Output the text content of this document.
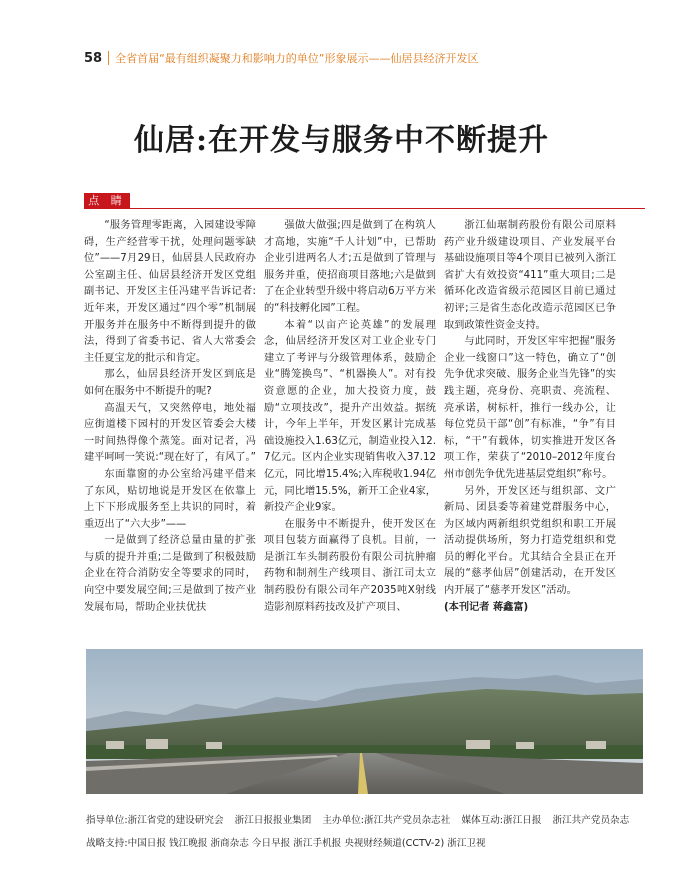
58 全省首届“最有组织凝聚力和影响力的单位”形象展示——仙居县经济开发区
仙居:在开发与服务中不断提升
点 睛

“服务管理零距离，入园建设零障碍，生产经营零干扰，处理问题零缺位”——7月29日，仙居县人民政府办公室副主任、仙居县经济开发区党组副书记、开发区主任冯建平告诉记者:近年来，开发区通过“四个零”机制展开服务并在服务中不断得到提升的做法，得到了省委书记、省人大常委会主任夏宝龙的批示和肯定。

那么，仙居县经济开发区到底是如何在服务中不断提升的呢?

高温天气，又突然停电，地处福应街道楼下园村的开发区管委会大楼一时间热得像个蒸笼。面对记者，冯建平呵呵一笑说:“现在好了，有风了。”

东面靠窗的办公室给冯建平借来了东风，贴切地说是开发区在依靠上上下下形成服务至上共识的同时，着重迈出了“六大步”——

一是做到了经济总量由量的扩张与质的提升并重;二是做到了积极鼓励企业在符合消防安全等要求的同时，向空中要发展空间;三是做到了按产业发展布局，帮助企业扶优扶

强做大做强;四是做到了在构筑人才高地，实施“千人计划”中，已帮助企业引进两名人才;五是做到了管理与服务并重，使招商项目落地;六是做到了在企业转型升级中将启动6万平方米的“科技孵化园”工程。

本着“以亩产论英雄”的发展理念，仙居经济开发区对工业企业专门建立了考评与分级管理体系，鼓励企业“腾笼换鸟”、“机器换人”。对有投资意愿的企业，加大投资力度，鼓励“立项技改”，提升产出效益。据统计，今年上半年，开发区累计完成基础设施投入1.63亿元，制造业投入12.7亿元。区内企业实现销售收入37.12亿元，同比增15.4%;入库税收1.94亿元，同比增15.5%，新开工企业4家，新投产企业9家。

在服务中不断提升，使开发区在项目包装方面赢得了良机。目前，一是浙江车头制药股份有限公司抗肿瘤药物和制剂生产线项目、浙江司太立制药股份有限公司年产2035吨X射线造影剂原料药技改及扩产项目、

浙江仙琚制药股份有限公司原料药产业升级建设项目、产业发展平台基础设施项目等4个项目已被列入浙江省扩大有效投资“411”重大项目;二是循环化改造省级示范园区目前已通过初评;三是省生态化改造示范园区已争取到政策性资金支持。

与此同时，开发区牢牢把握“服务企业一线窗口”这一特色，确立了“创先争优求突破、服务企业当先锋”的实践主题，亮身份、亮职责、亮流程、亮承诺，树标杆，推行一线办公，让每位党员干部“创”有标准，“争”有目标，“干”有载体，切实推进开发区各项工作，荣获了“2010–2012年度台州市创先争优先进基层党组织”称号。

另外，开发区还与组织部、文广新局、团县委等着建党群服务中心，为区域内两新组织党组织和职工开展活动提供场所，努力打造党组织和党员的孵化平台。尤其结合全县正在开展的“慈孝仙居”创建活动，在开发区内开展了“慈孝开发区”活动。

(本刊记者 蒋鑫富)

指导单位:浙江省党的建设研究会 浙江日报报业集团 主办单位:浙江共产党员杂志社 媒体互动:浙江日报 浙江共产党员杂志
战略支持:中国日报 钱江晚报 浙商杂志 今日早报 浙江手机报 央视财经频道(CCTV-2) 浙江卫视
